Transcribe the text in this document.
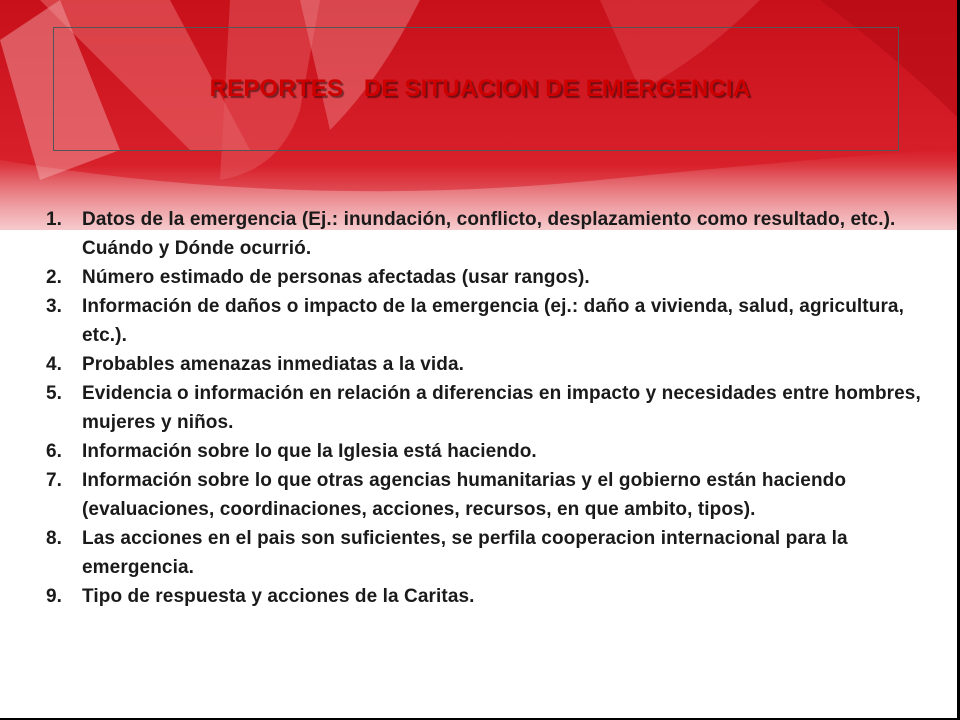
REPORTES   DE SITUACION DE EMERGENCIA
1.	Datos de la emergencia (Ej.: inundación, conflicto, desplazamiento como resultado, etc.). Cuándo y Dónde ocurrió.
2.	Número estimado de personas afectadas (usar rangos).
3.	Información de daños o impacto de la emergencia (ej.: daño a vivienda, salud, agricultura, etc.).
4.	Probables amenazas inmediatas a la vida.
5.	Evidencia o información en relación a diferencias en impacto y necesidades entre hombres, mujeres y niños.
6.	Información sobre lo que la Iglesia está haciendo.
7.	Información sobre lo que otras agencias humanitarias y el gobierno están haciendo (evaluaciones, coordinaciones, acciones, recursos, en que ambito, tipos).
8.	Las acciones en el pais son suficientes, se perfila cooperacion internacional para la emergencia.
9.	Tipo de respuesta y acciones de la Caritas.
